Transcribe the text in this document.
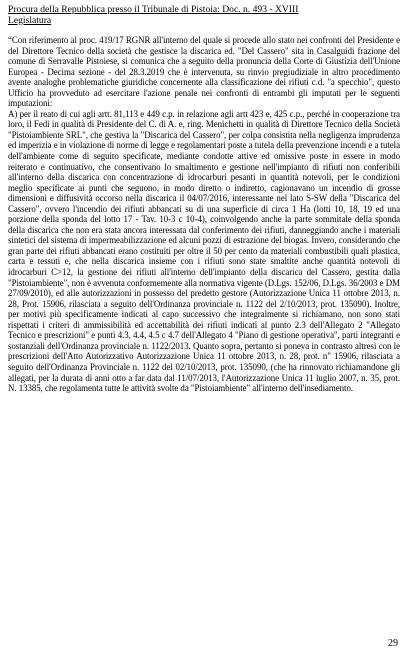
Procura della Repubblica presso il Tribunale di Pistoia: Doc. n. 493 - XVIII

Legislatura

“Con riferimento al proc. 419/17 RGNR all'interno del quale si procede allo stato nei confronti del Presidente e del Direttore Tecnico della società che gestisce la discarica ed. "Del Cassero" sita in Casalguidi frazione del comune di Serravalle Pistoiese, si comunica che a seguito della pronuncia della Corte di Giustizia dell'Unione Europea - Decima sezione - del 28.3.2019 che è intervenuta, su rinvio pregiudiziale in altro procedimento avente analoghe problematiche giuridiche concernente alla classificazione dei rifiuti c.d. "a specchio", questo Ufficio ha provveduto ad esercitare l'azione penale nei confronti di entrambi gli imputati per le seguenti imputazioni:

A) per il reato di cui agli artt. 81,113 e 449 c.p. in relazione agli artt 423 e, 425 c.p., perché in cooperazione tra loro, il Fedi in qualità di Presidente del C. di A. e, ring. Menichetti in qualità di Direttore Tecnico della Società "Pistoiambiente SRL", che gestiva la "Discarica del Cassero", per colpa consistita nella negligenza imprudenza ed imperizia e in violazione di norme di legge e regolamentari poste a tutela della prevenzione incendi e a tutela dell'ambiente come di seguito specificate, mediante condotte attive ed omissive poste in essere in modo reiterato e continuativo, che consentivano lo smaltimento e gestione nell'impianto di rifiuti non conferibili all'interno della discarica con concentrazione di idrocarburi pesanti in quantità notevoli, per le condizioni meglio specificate ai punti che seguono, in modo diretto o indiretto, cagionavano un incendio di grosse dimensioni e diffusività occorso nella discarica il 04/07/2016, interessante nel lato S-SW della "Discarica del Cassero", ovvero l'incendio dei rifiuti abbancati su di una superficie di circa 1 Ha (lotti 10, 18, 19 ed una porzione della sponda del lotto 17 - Tav. 10-3 c 10-4), coinvolgendo anche la parte sommitale della sponda della discarica che non era stata ancora interessata dal conferimento dei rifiuti, danneggiando anche i materiali sintetici del sistema di impermeabilizzazione ed alcuni pozzi di estrazione del biogas. Invero, considerando che gran parte dei rifiuti abbancati erano costituiti per oltre il 50 per cento da materiali combustibili quali plastica, carta e tessuti e, che nella discarica insieme con i rifiuti sono state smaltite anche quantità notevoli di idrocarburi C>12, la gestione dei rifiuti all'interno dell'impianto della discarica del Cassero, gestita dalla "Pistoiambiente", non è avvenuta conformemente alla normativa vigente (D.Lgs. 152/06, D.Lgs. 36/2003 e DM 27/09/2010), ed alle autorizzazioni in possesso del predetto gestore (Autorizzazione Unica 11 ottobre 2013, n. 28, Prot. 15906, rilasciata a seguito dell'Ordinanza provinciale n. 1122 del 2/10/2013, prot. 135090). Inoltre, per motivi più specificamente indicati al capo successivo che integralmente si richiamano, non sono stati rispettati i criteri di ammissibilità ed accettabilità dei rifiuti indicati al punto 2.3 dell'Allegato 2 "Allegato Tecnico e prescrizioni" e punti 4.3, 4.4, 4.5 c 4.7 dell'Allegato 4 "Piano di gestione operativa", parti integranti e sostanziali dell'Ordinanza provinciale n. 1122/2013. Quanto sopra, pertanto si poneva in contrasto altresì con le prescrizioni dell'Atto Autorizzativo Autorizzazione Unica 11 ottobre 2013, n. 28, prot. n" 15906, rilasciata a seguito dell'Ordinanza Provinciale n. 1122 del 02/10/2013, prot. 135090, (che ha rinnovato richiamandone gli allegati, per la durata di anni otto a far data dal 11/07/2013, l'Autorizzazione Unica 11 luglio 2007, n. 35, prot. N. 13385, che regolamenta tutte le attività svolte da "Pistoiambiente" all'interno dell'insediamento.

29
